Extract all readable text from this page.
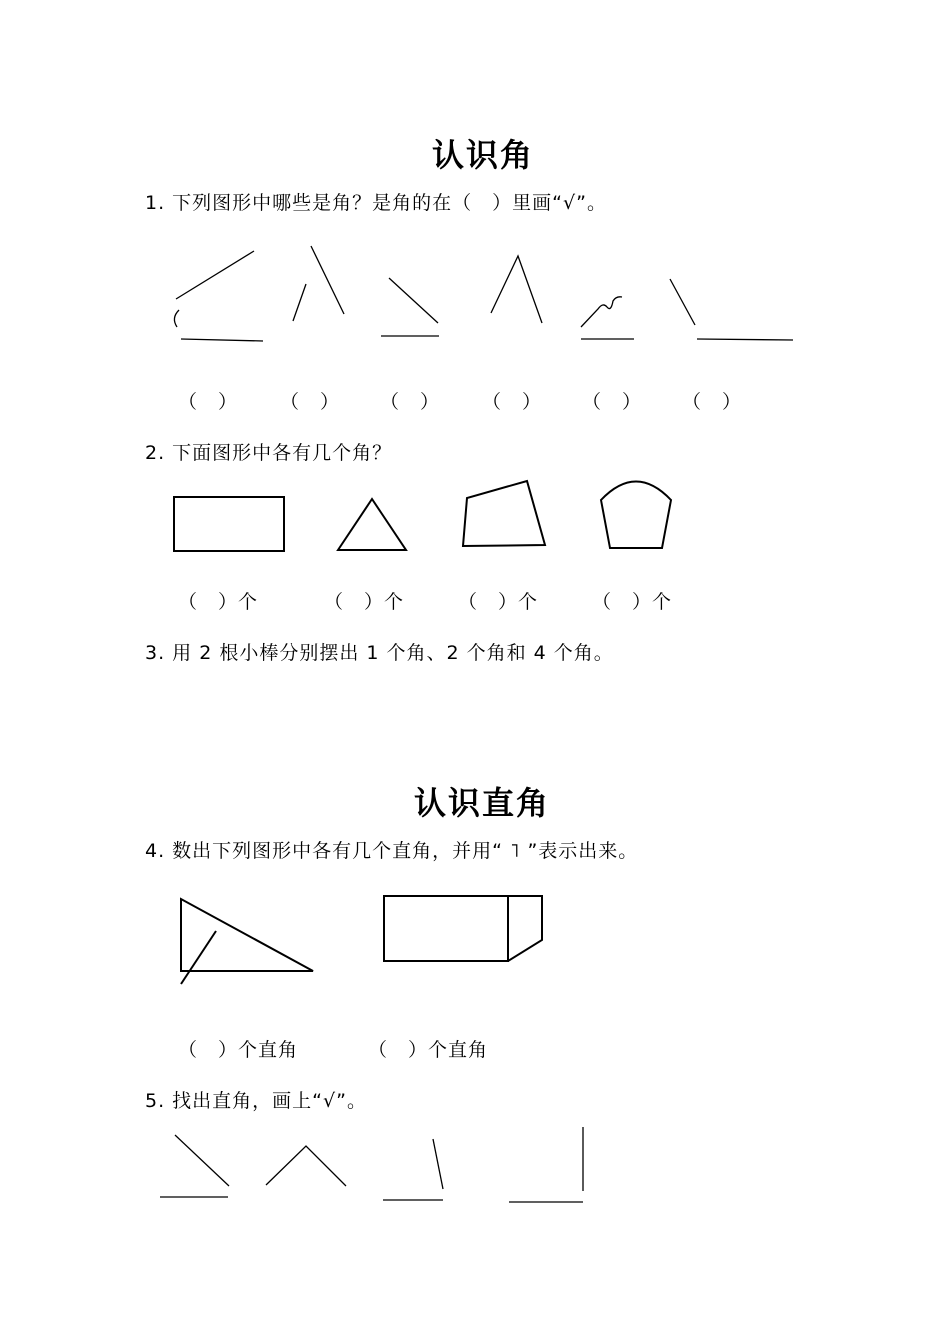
认识角
1. 下列图形中哪些是角？是角的在（　）里画“√”。
（　） （　） （　） （　） （　） （　）
2. 下面图形中各有几个角？
（　）个	（　）个	（　）个	（　）个
3. 用 2 根小棒分别摆出 1 个角、2 个角和 4 个角。
认识直角
4. 数出下列图形中各有几个直角，并用“ ˥ ”表示出来。
（　）个直角	（　）个直角
5. 找出直角，画上“√”。
